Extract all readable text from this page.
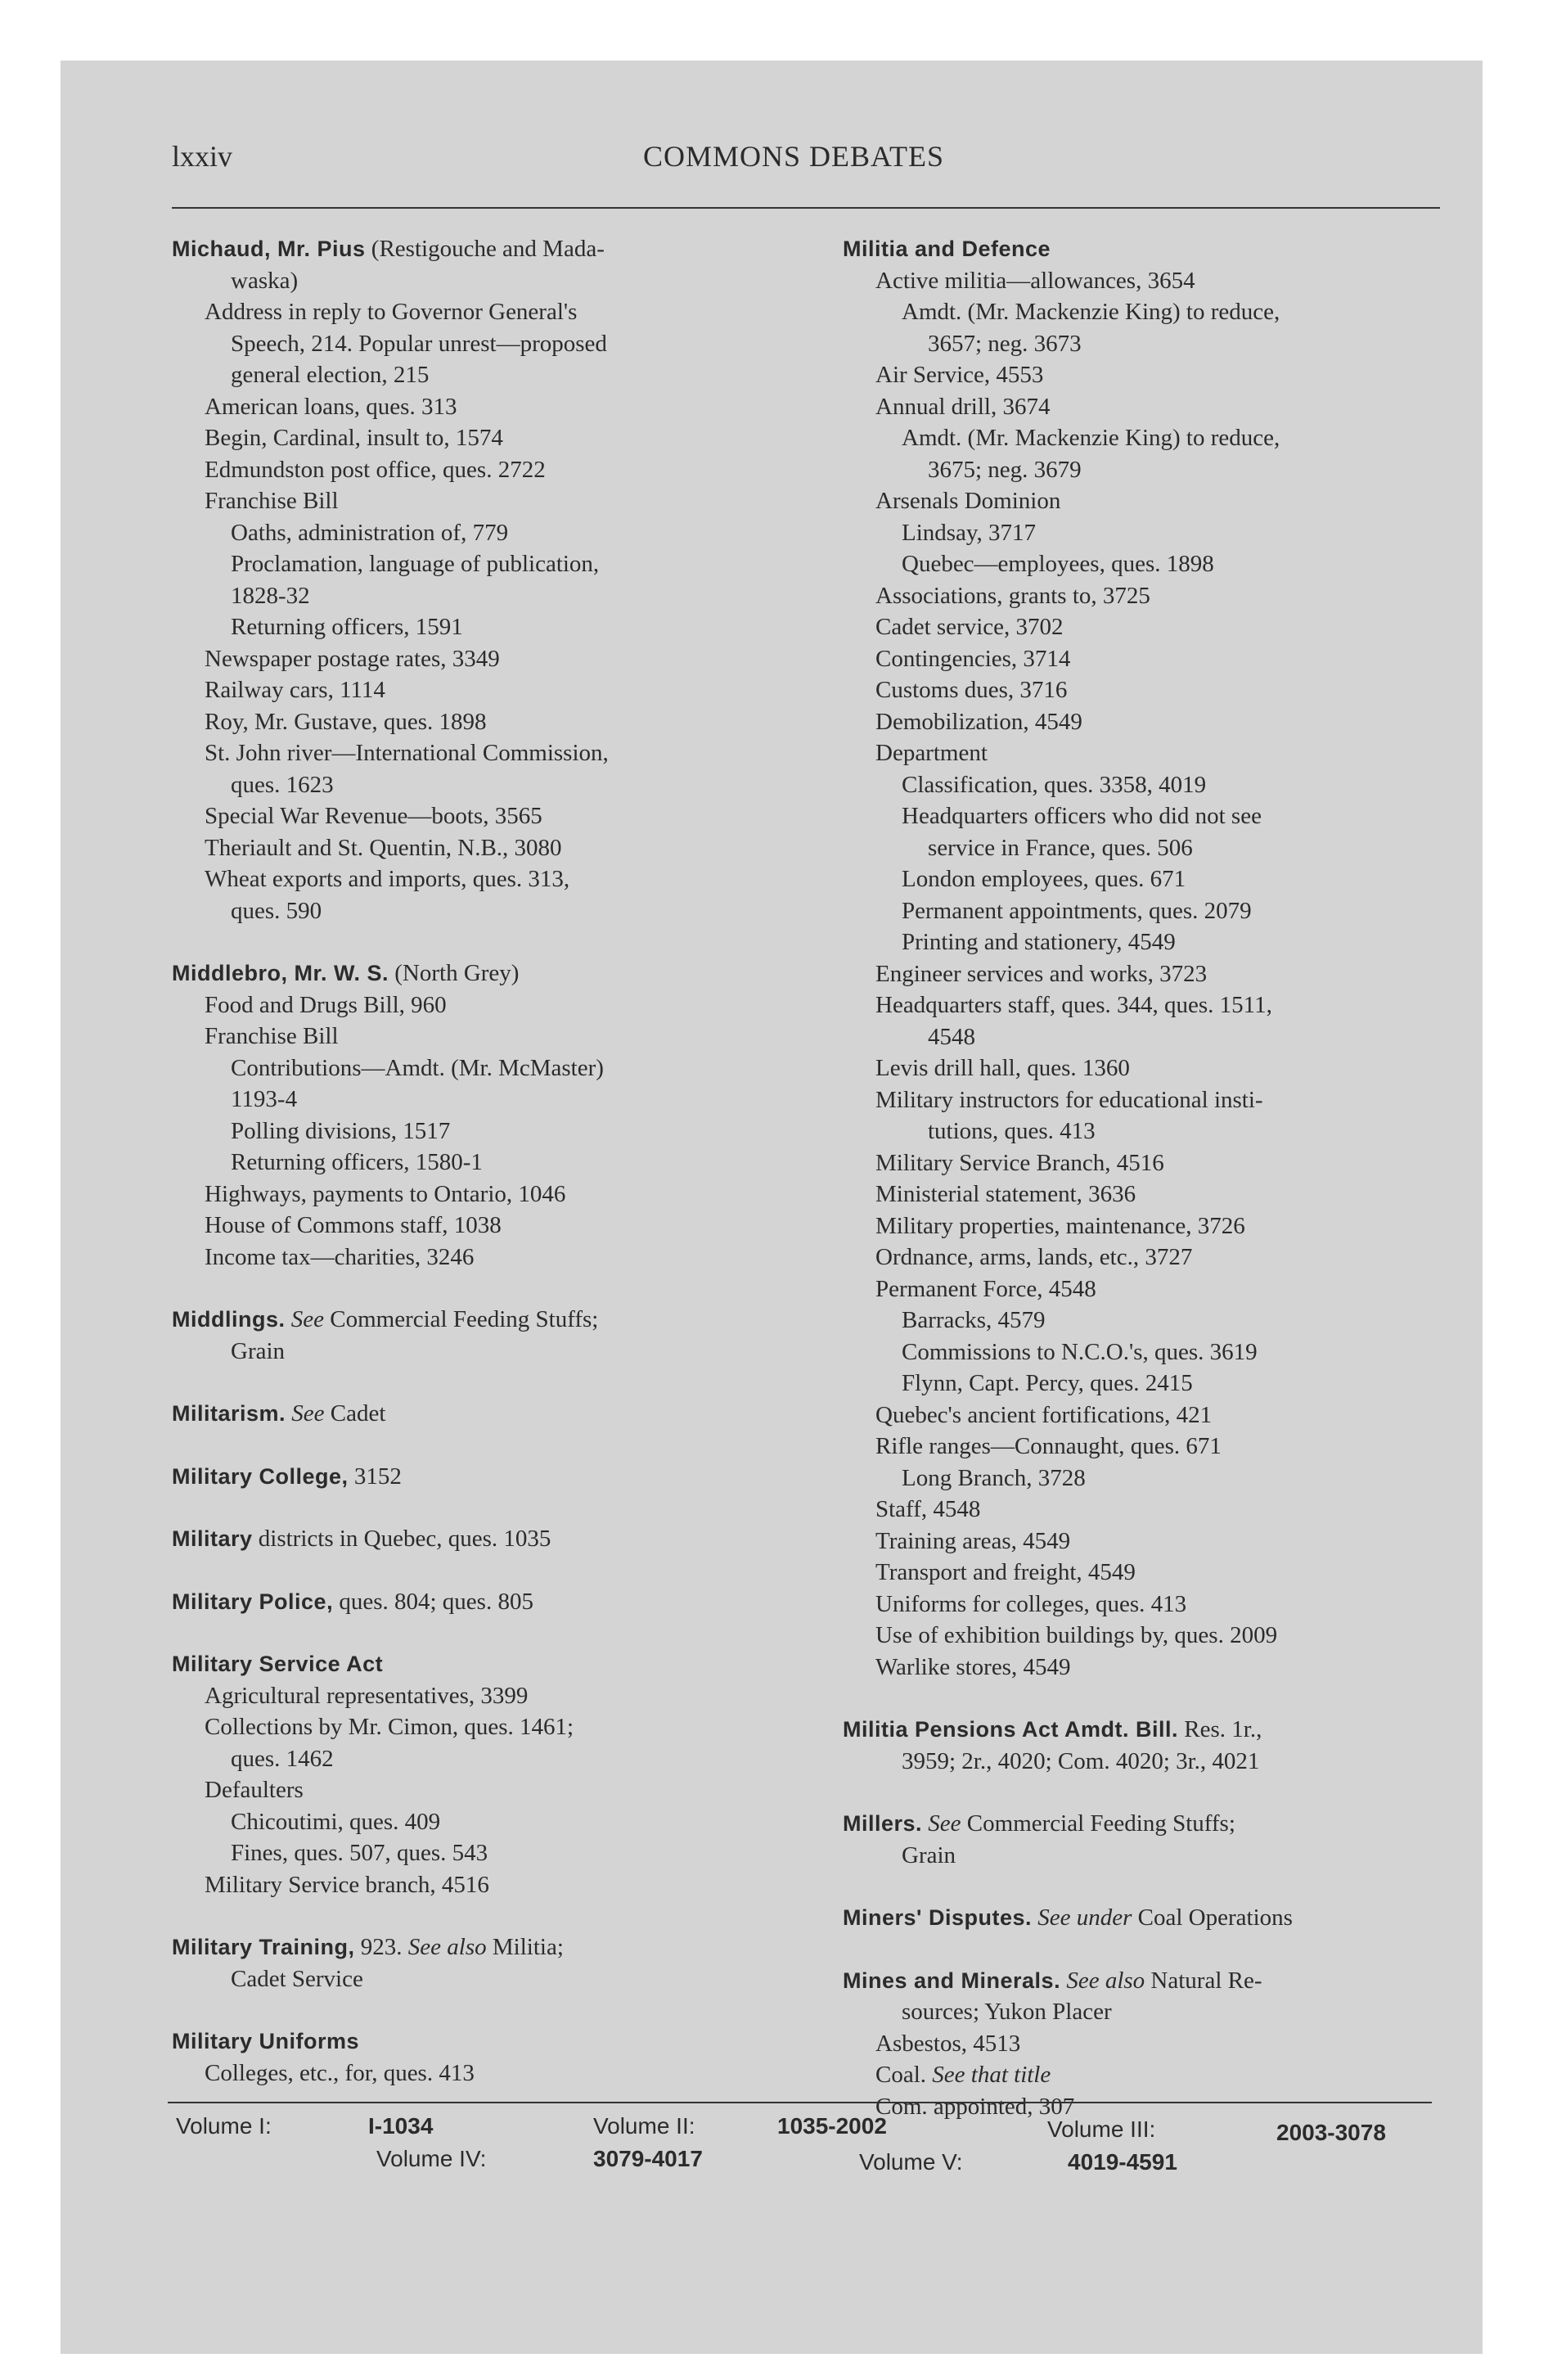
lxxiv	COMMONS DEBATES
Michaud, Mr. Pius (Restigouche and Mada-
waska)
Address in reply to Governor General's
Speech, 214. Popular unrest—proposed
general election, 215
American loans, ques. 313
Begin, Cardinal, insult to, 1574
Edmundston post office, ques. 2722
Franchise Bill
Oaths, administration of, 779
Proclamation, language of publication,
1828-32
Returning officers, 1591
Newspaper postage rates, 3349
Railway cars, 1114
Roy, Mr. Gustave, ques. 1898
St. John river—International Commission,
ques. 1623
Special War Revenue—boots, 3565
Theriault and St. Quentin, N.B., 3080
Wheat exports and imports, ques. 313,
ques. 590
Middlebro, Mr. W. S. (North Grey)
Food and Drugs Bill, 960
Franchise Bill
Contributions—Amdt. (Mr. McMaster)
1193-4
Polling divisions, 1517
Returning officers, 1580-1
Highways, payments to Ontario, 1046
House of Commons staff, 1038
Income tax—charities, 3246
Middlings. See Commercial Feeding Stuffs;
Grain
Militarism. See Cadet
Military College, 3152
Military districts in Quebec, ques. 1035
Military Police, ques. 804; ques. 805
Military Service Act
Agricultural representatives, 3399
Collections by Mr. Cimon, ques. 1461;
ques. 1462
Defaulters
Chicoutimi, ques. 409
Fines, ques. 507, ques. 543
Military Service branch, 4516
Military Training, 923. See also Militia;
Cadet Service
Military Uniforms
Colleges, etc., for, ques. 413
Militia and Defence
Active militia—allowances, 3654
Amdt. (Mr. Mackenzie King) to reduce,
3657; neg. 3673
Air Service, 4553
Annual drill, 3674
Amdt. (Mr. Mackenzie King) to reduce,
3675; neg. 3679
Arsenals Dominion
Lindsay, 3717
Quebec—employees, ques. 1898
Associations, grants to, 3725
Cadet service, 3702
Contingencies, 3714
Customs dues, 3716
Demobilization, 4549
Department
Classification, ques. 3358, 4019
Headquarters officers who did not see
service in France, ques. 506
London employees, ques. 671
Permanent appointments, ques. 2079
Printing and stationery, 4549
Engineer services and works, 3723
Headquarters staff, ques. 344, ques. 1511,
4548
Levis drill hall, ques. 1360
Military instructors for educational insti-
tutions, ques. 413
Military Service Branch, 4516
Ministerial statement, 3636
Military properties, maintenance, 3726
Ordnance, arms, lands, etc., 3727
Permanent Force, 4548
Barracks, 4579
Commissions to N.C.O.'s, ques. 3619
Flynn, Capt. Percy, ques. 2415
Quebec's ancient fortifications, 421
Rifle ranges—Connaught, ques. 671
Long Branch, 3728
Staff, 4548
Training areas, 4549
Transport and freight, 4549
Uniforms for colleges, ques. 413
Use of exhibition buildings by, ques. 2009
Warlike stores, 4549
Militia Pensions Act Amdt. Bill. Res. 1r.,
3959; 2r., 4020; Com. 4020; 3r., 4021
Millers. See Commercial Feeding Stuffs;
Grain
Miners' Disputes. See under Coal Operations
Mines and Minerals. See also Natural Re-
sources; Yukon Placer
Asbestos, 4513
Coal. See that title
Com. appointed, 307
Volume I:	I-1034	Volume II:	1035-2002	Volume III:	2003-3078
Volume IV:	3079-4017	Volume V:	4019-4591
